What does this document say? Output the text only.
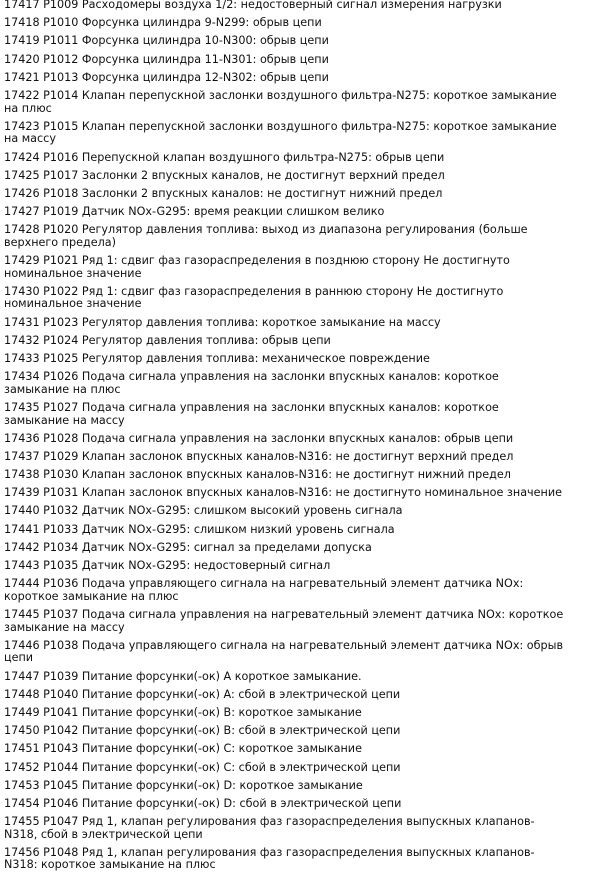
17417 P1009 Расходомеры воздуха 1/2: недостоверный сигнал измерения нагрузки
17418 P1010 Форсунка цилиндра 9-N299: обрыв цепи
17419 P1011 Форсунка цилиндра 10-N300: обрыв цепи
17420 P1012 Форсунка цилиндра 11-N301: обрыв цепи
17421 P1013 Форсунка цилиндра 12-N302: обрыв цепи
17422 P1014 Клапан перепускной заслонки воздушного фильтра-N275: короткое замыкание на плюс
17423 P1015 Клапан перепускной заслонки воздушного фильтра-N275: короткое замыкание на массу
17424 P1016 Перепускной клапан воздушного фильтра-N275: обрыв цепи
17425 P1017 Заслонки 2 впускных каналов, не достигнут верхний предел
17426 P1018 Заслонки 2 впускных каналов: не достигнут нижний предел
17427 P1019 Датчик NOx-G295: время реакции слишком велико
17428 P1020 Регулятор давления топлива: выход из диапазона регулирования (больше верхнего предела)
17429 P1021 Ряд 1: сдвиг фаз газораспределения в позднюю сторону Не достигнуто номинальное значение
17430 P1022 Ряд 1: сдвиг фаз газораспределения в раннюю сторону Не достигнуто номинальное значение
17431 P1023 Регулятор давления топлива: короткое замыкание на массу
17432 P1024 Регулятор давления топлива: обрыв цепи
17433 P1025 Регулятор давления топлива: механическое повреждение
17434 P1026 Подача сигнала управления на заслонки впускных каналов: короткое замыкание на плюс
17435 P1027 Подача сигнала управления на заслонки впускных каналов: короткое замыкание на массу
17436 P1028 Подача сигнала управления на заслонки впускных каналов: обрыв цепи
17437 P1029 Клапан заслонок впускных каналов-N316: не достигнут верхний предел
17438 P1030 Клапан заслонок впускных каналов-N316: не достигнут нижний предел
17439 P1031 Клапан заслонок впускных каналов-N316: не достигнуто номинальное значение
17440 P1032 Датчик NOx-G295: слишком высокий уровень сигнала
17441 P1033 Датчик NOx-G295: слишком низкий уровень сигнала
17442 P1034 Датчик NOx-G295: сигнал за пределами допуска
17443 P1035 Датчик NOx-G295: недостоверный сигнал
17444 P1036 Подача управляющего сигнала на нагревательный элемент датчика NOx: короткое замыкание на плюс
17445 P1037 Подача сигнала управления на нагревательный элемент датчика NOx: короткое замыкание на массу
17446 P1038 Подача управляющего сигнала на нагревательный элемент датчика NOx: обрыв цепи
17447 P1039 Питание форсунки(-ок) А короткое замыкание.
17448 P1040 Питание форсунки(-ок) A: сбой в электрической цепи
17449 P1041 Питание форсунки(-ок) B: короткое замыкание
17450 P1042 Питание форсунки(-ок) B: сбой в электрической цепи
17451 P1043 Питание форсунки(-ок) C: короткое замыкание
17452 P1044 Питание форсунки(-ок) C: сбой в электрической цепи
17453 P1045 Питание форсунки(-ок) D: короткое замыкание
17454 P1046 Питание форсунки(-ок) D: сбой в электрической цепи
17455 P1047 Ряд 1, клапан регулирования фаз газораспределения выпускных клапанов-N318, сбой в электрической цепи
17456 P1048 Ряд 1, клапан регулирования фаз газораспределения выпускных клапанов-N318: короткое замыкание на плюс
